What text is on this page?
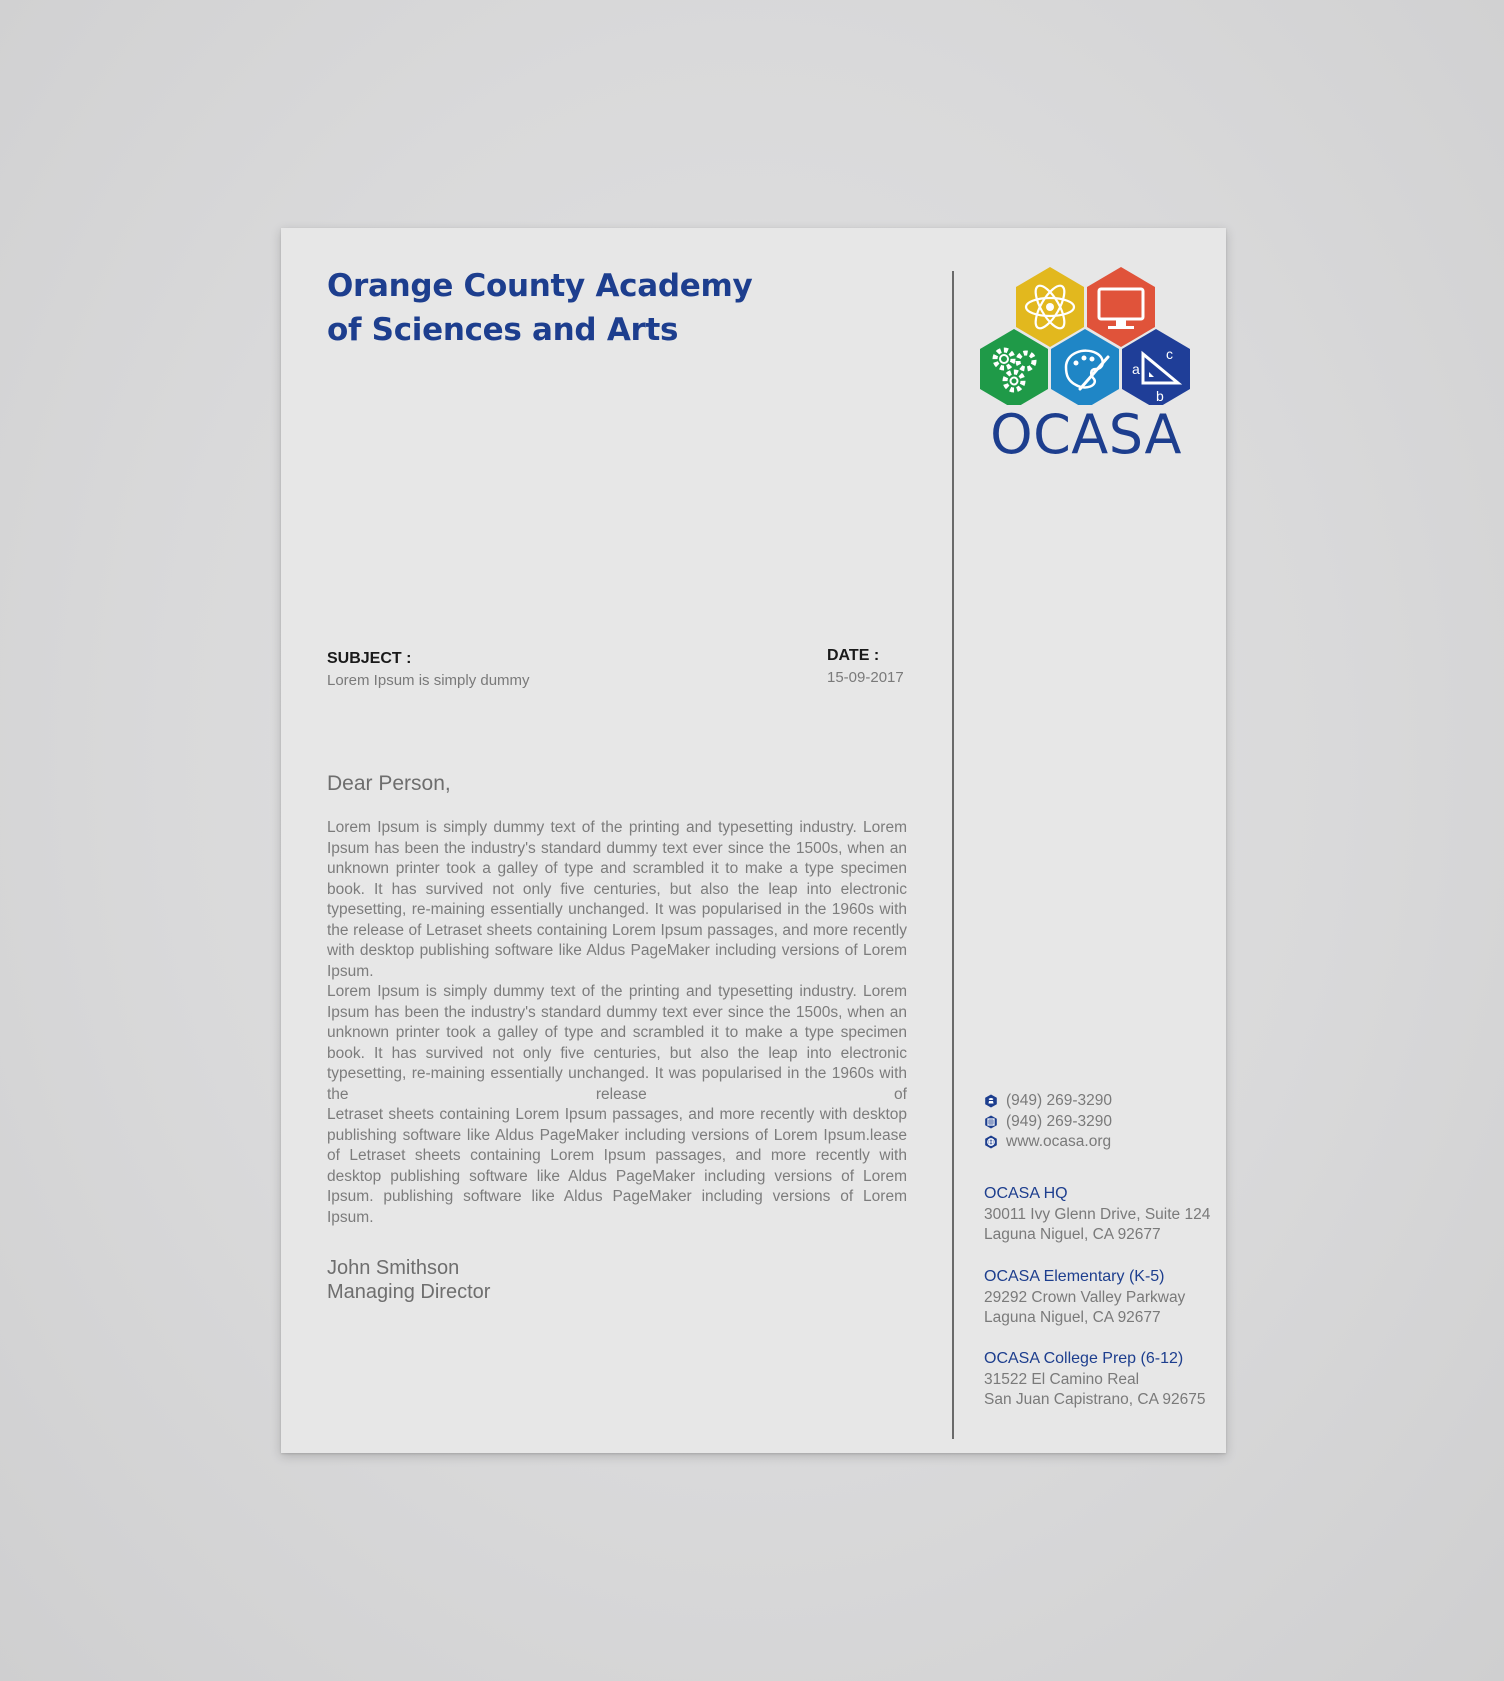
Orange County Academy
of Sciences and Arts
a
b
c
OCASA
SUBJECT :
Lorem Ipsum is simply dummy
DATE :
15-09-2017
Dear Person,

Lorem Ipsum is simply dummy text of the printing and typesetting industry. Lorem Ipsum has been the industry's standard dummy text ever since the 1500s, when an unknown printer took a galley of type and scrambled it to make a type specimen book. It has survived not only five centuries, but also the leap into electronic typesetting, re-maining essentially unchanged. It was popularised in the 1960s with the release of Letraset sheets containing Lorem Ipsum passages, and more recently with desktop publishing software like Aldus PageMaker including versions of Lorem Ipsum.

Lorem Ipsum is simply dummy text of the printing and typesetting industry. Lorem Ipsum has been the industry's standard dummy text ever since the 1500s, when an unknown printer took a galley of type and scrambled it to make a type specimen book. It has survived not only five centuries, but also the leap into electronic typesetting, re-maining essentially unchanged. It was popularised in the 1960s with the release of

Letraset sheets containing Lorem Ipsum passages, and more recently with desktop publishing software like Aldus PageMaker including versions of Lorem Ipsum.lease of Letraset sheets containing Lorem Ipsum passages, and more recently with desktop publishing software like Aldus PageMaker including versions of Lorem Ipsum. publishing software like Aldus PageMaker including versions of Lorem Ipsum.

John Smithson
Managing Director
(949) 269-3290
(949) 269-3290
www.ocasa.org
OCASA HQ
30011 Ivy Glenn Drive, Suite 124
Laguna Niguel, CA 92677
OCASA Elementary (K-5)
29292 Crown Valley Parkway
Laguna Niguel, CA 92677
OCASA College Prep (6-12)
31522 El Camino Real
San Juan Capistrano, CA 92675
